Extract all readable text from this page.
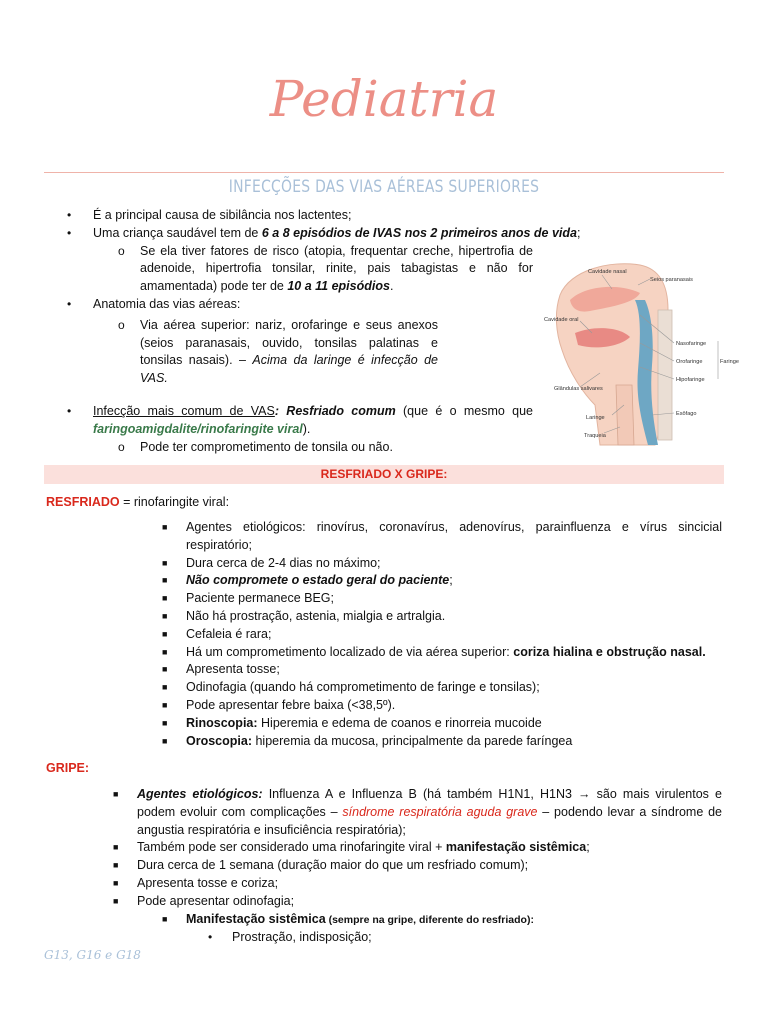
Pediatria
INFECÇÕES DAS VIAS AÉREAS SUPERIORES
• É a principal causa de sibilância nos lactentes;
• Uma criança saudável tem de 6 a 8 episódios de IVAS nos 2 primeiros anos de vida;
o Se ela tiver fatores de risco (atopia, frequentar creche, hipertrofia de adenoide, hipertrofia tonsilar, rinite, pais tabagistas e não for amamentada) pode ter de 10 a 11 episódios.
• Anatomia das vias aéreas:
o Via aérea superior: nariz, orofaringe e seus anexos (seios paranasais, ouvido, tonsilas palatinas e tonsilas nasais). – Acima da laringe é infecção de VAS.
• Infecção mais comum de VAS: Resfriado comum (que é o mesmo que faringoamigdalite/rinofaringite viral).
o Pode ter comprometimento de tonsila ou não.
Cavidade nasal
Seios paranasais
Cavidade oral
Nasofaringe
Orofaringe	Faringe
Hipofaringe
Glândulas salivares
Laringe
Esôfago
Traqueia
RESFRIADO X GRIPE:
RESFRIADO = rinofaringite viral:
■ Agentes etiológicos: rinovírus, coronavírus, adenovírus, parainfluenza e vírus sincicial respiratório;
■ Dura cerca de 2-4 dias no máximo;
■ Não compromete o estado geral do paciente;
■ Paciente permanece BEG;
■ Não há prostração, astenia, mialgia e artralgia.
■ Cefaleia é rara;
■ Há um comprometimento localizado de via aérea superior: coriza hialina e obstrução nasal.
■ Apresenta tosse;
■ Odinofagia (quando há comprometimento de faringe e tonsilas);
■ Pode apresentar febre baixa (<38,5º).
■ Rinoscopia: Hiperemia e edema de coanos e rinorreia mucoide
■ Oroscopia: hiperemia da mucosa, principalmente da parede faríngea
GRIPE:
■ Agentes etiológicos: Influenza A e Influenza B (há também H1N1, H1N3 → são mais virulentos e podem evoluir com complicações – síndrome respiratória aguda grave – podendo levar a síndrome de angustia respiratória e insuficiência respiratória);
■ Também pode ser considerado uma rinofaringite viral + manifestação sistêmica;
■ Dura cerca de 1 semana (duração maior do que um resfriado comum);
■ Apresenta tosse e coriza;
■ Pode apresentar odinofagia;
■ Manifestação sistêmica (sempre na gripe, diferente do resfriado):
• Prostração, indisposição;
G13, G16 e G18
